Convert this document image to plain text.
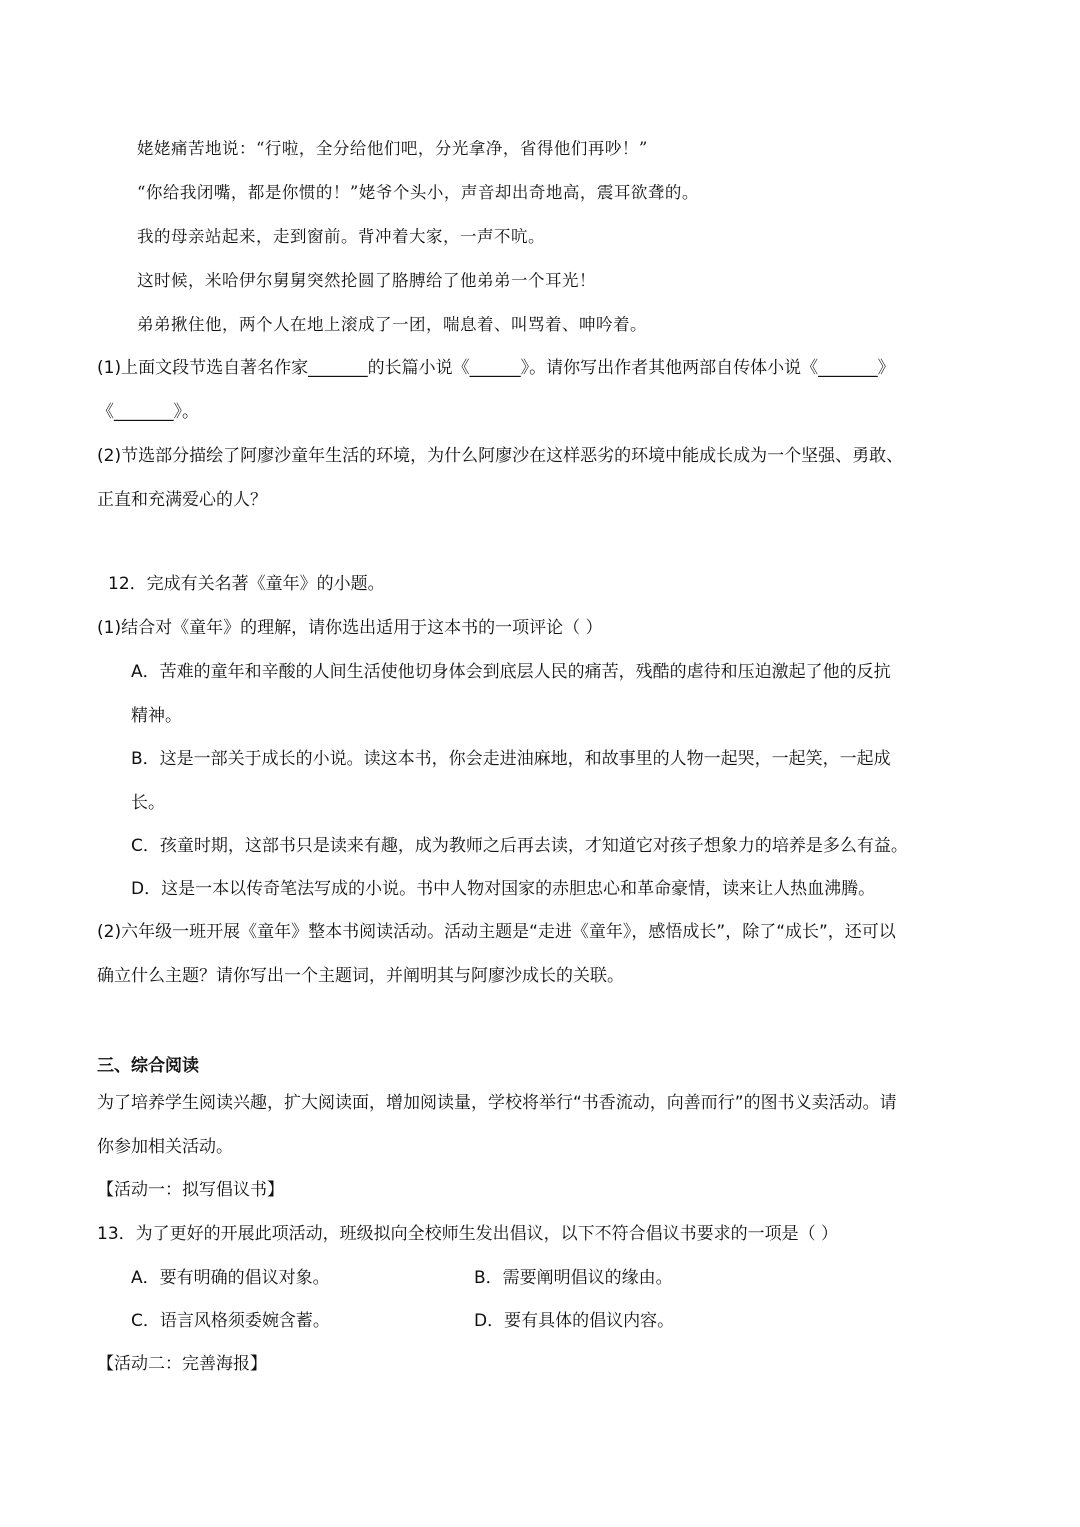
姥姥痛苦地说：“行啦，全分给他们吧，分光拿净，省得他们再吵！”
“你给我闭嘴，都是你惯的！”姥爷个头小，声音却出奇地高，震耳欲聋的。
我的母亲站起来，走到窗前。背冲着大家，一声不吭。
这时候，米哈伊尔舅舅突然抡圆了胳膊给了他弟弟一个耳光！
弟弟揪住他，两个人在地上滚成了一团，喘息着、叫骂着、呻吟着。
(1)上面文段节选自著名作家_______的长篇小说《______》。请你写出作者其他两部自传体小说《_______》
《_______》。
(2)节选部分描绘了阿廖沙童年生活的环境，为什么阿廖沙在这样恶劣的环境中能成长成为一个坚强、勇敢、
正直和充满爱心的人？
12．完成有关名著《童年》的小题。
(1)结合对《童年》的理解，请你选出适用于这本书的一项评论（ ）
A．苦难的童年和辛酸的人间生活使他切身体会到底层人民的痛苦，残酷的虐待和压迫激起了他的反抗
精神。
B．这是一部关于成长的小说。读这本书，你会走进油麻地，和故事里的人物一起哭，一起笑，一起成
长。
C．孩童时期，这部书只是读来有趣，成为教师之后再去读，才知道它对孩子想象力的培养是多么有益。
D．这是一本以传奇笔法写成的小说。书中人物对国家的赤胆忠心和革命豪情，读来让人热血沸腾。
(2)六年级一班开展《童年》整本书阅读活动。活动主题是“走进《童年》，感悟成长”，除了“成长”，还可以
确立什么主题？请你写出一个主题词，并阐明其与阿廖沙成长的关联。
三、综合阅读
为了培养学生阅读兴趣，扩大阅读面，增加阅读量，学校将举行“书香流动，向善而行”的图书义卖活动。请
你参加相关活动。
【活动一：拟写倡议书】
13．为了更好的开展此项活动，班级拟向全校师生发出倡议，以下不符合倡议书要求的一项是（ ）
A．要有明确的倡议对象。	B．需要阐明倡议的缘由。
C．语言风格须委婉含蓄。	D．要有具体的倡议内容。
【活动二：完善海报】
